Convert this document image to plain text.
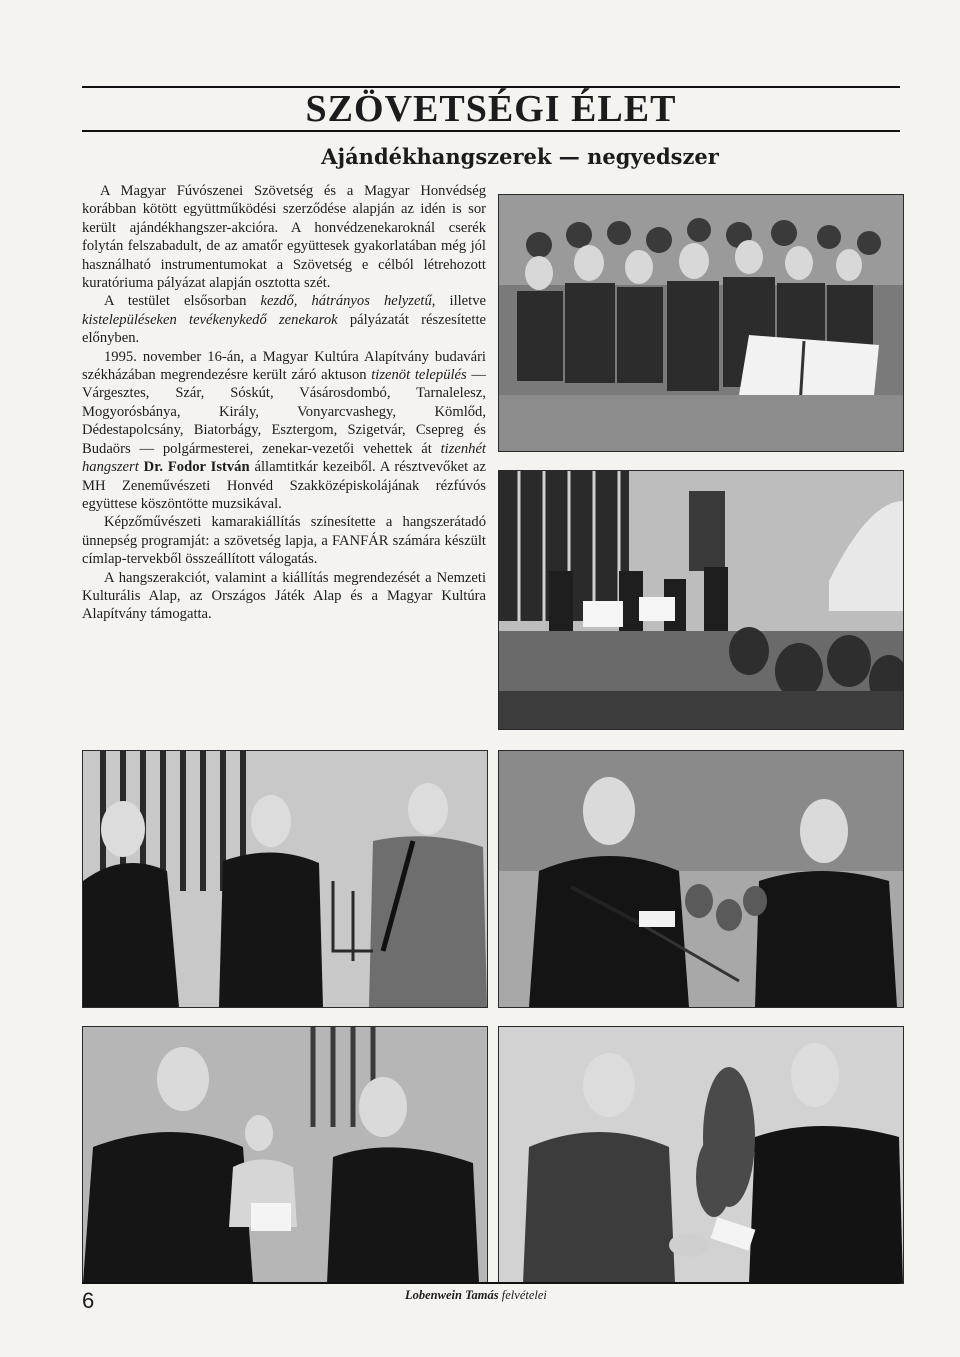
SZÖVETSÉGI ÉLET
Ajándékhangszerek — negyedszer

A Magyar Fúvószenei Szövetség és a Magyar Honvédség korábban kötött együttműködési szerződése alapján az idén is sor került ajándékhangszer-akcióra. A honvédzenekaroknál cserék folytán felszabadult, de az amatőr együttesek gyakorlatában még jól használható instrumentumokat a Szövetség e célból létrehozott kuratóriuma pályázat alapján osztotta szét.

A testület elsősorban kezdő, hátrányos helyzetű, illetve kistelepüléseken tevékenykedő zenekarok pályázatát részesítette előnyben.

1995. november 16-án, a Magyar Kultúra Alapítvány budavári székházában megrendezésre került záró aktuson tizenöt település — Várgesztes, Szár, Sóskút, Vásárosdombó, Tarnalelesz, Mogyorósbánya, Király, Vonyarcvashegy, Kömlőd, Dédestapolcsány, Biatorbágy, Esztergom, Szigetvár, Csepreg és Budaörs — polgármesterei, zenekar-vezetői vehettek át tizenhét hangszert Dr. Fodor István államtitkár kezeiből. A résztvevőket az MH Zeneművészeti Honvéd Szakközépiskolájának rézfúvós együttese köszöntötte muzsikával.

Képzőművészeti kamarakiállítás színesítette a hangszerátadó ünnepség programját: a szövetség lapja, a FANFÁR számára készült címlap-tervekből összeállított válogatás.

A hangszerakciót, valamint a kiállítás megrendezését a Nemzeti Kulturális Alap, az Országos Játék Alap és a Magyar Kultúra Alapítvány támogatta.

6	Lobenwein Tamás felvételei
